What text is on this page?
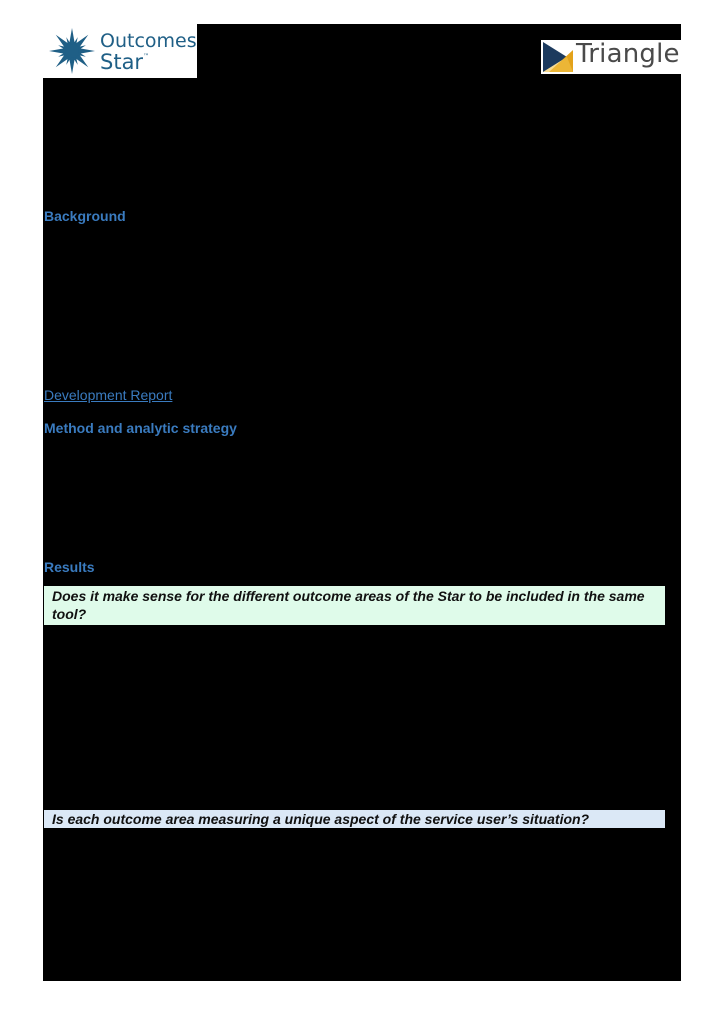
Outcomes
Star™	Triangle
Background
Development Report
Method and analytic strategy
Results
Does it make sense for the different outcome areas of the Star to be included in the same tool?
Is each outcome area measuring a unique aspect of the service user’s situation?
